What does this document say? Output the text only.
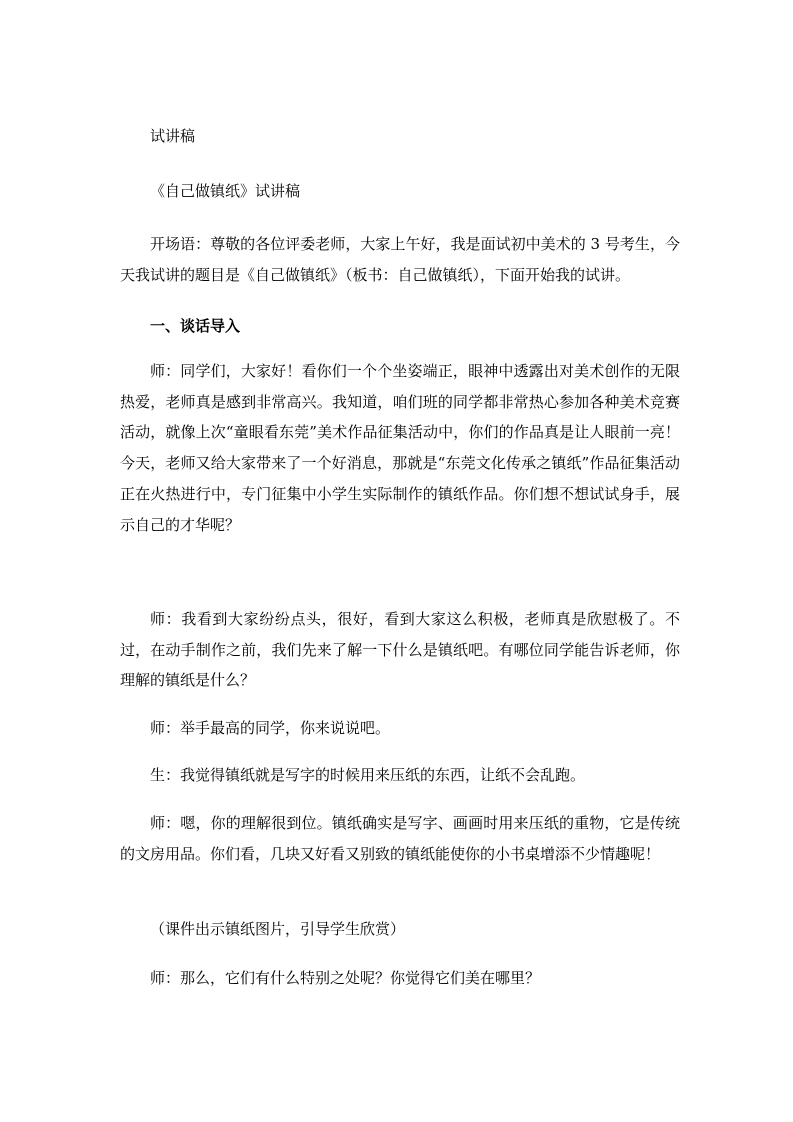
试讲稿

《自己做镇纸》试讲稿

开场语：尊敬的各位评委老师，大家上午好，我是面试初中美术的 3 号考生，今天我试讲的题目是《自己做镇纸》（板书：自己做镇纸），下面开始我的试讲。

一、谈话导入

师：同学们，大家好！看你们一个个坐姿端正，眼神中透露出对美术创作的无限热爱，老师真是感到非常高兴。我知道，咱们班的同学都非常热心参加各种美术竞赛活动，就像上次“童眼看东莞”美术作品征集活动中，你们的作品真是让人眼前一亮！今天，老师又给大家带来了一个好消息，那就是“东莞文化传承之镇纸”作品征集活动正在火热进行中，专门征集中小学生实际制作的镇纸作品。你们想不想试试身手，展示自己的才华呢？

师：我看到大家纷纷点头，很好，看到大家这么积极，老师真是欣慰极了。不过，在动手制作之前，我们先来了解一下什么是镇纸吧。有哪位同学能告诉老师，你理解的镇纸是什么？

师：举手最高的同学，你来说说吧。

生：我觉得镇纸就是写字的时候用来压纸的东西，让纸不会乱跑。

师：嗯，你的理解很到位。镇纸确实是写字、画画时用来压纸的重物，它是传统的文房用品。你们看，几块又好看又别致的镇纸能使你的小书桌增添不少情趣呢！

（课件出示镇纸图片，引导学生欣赏）

师：那么，它们有什么特别之处呢？你觉得它们美在哪里？
